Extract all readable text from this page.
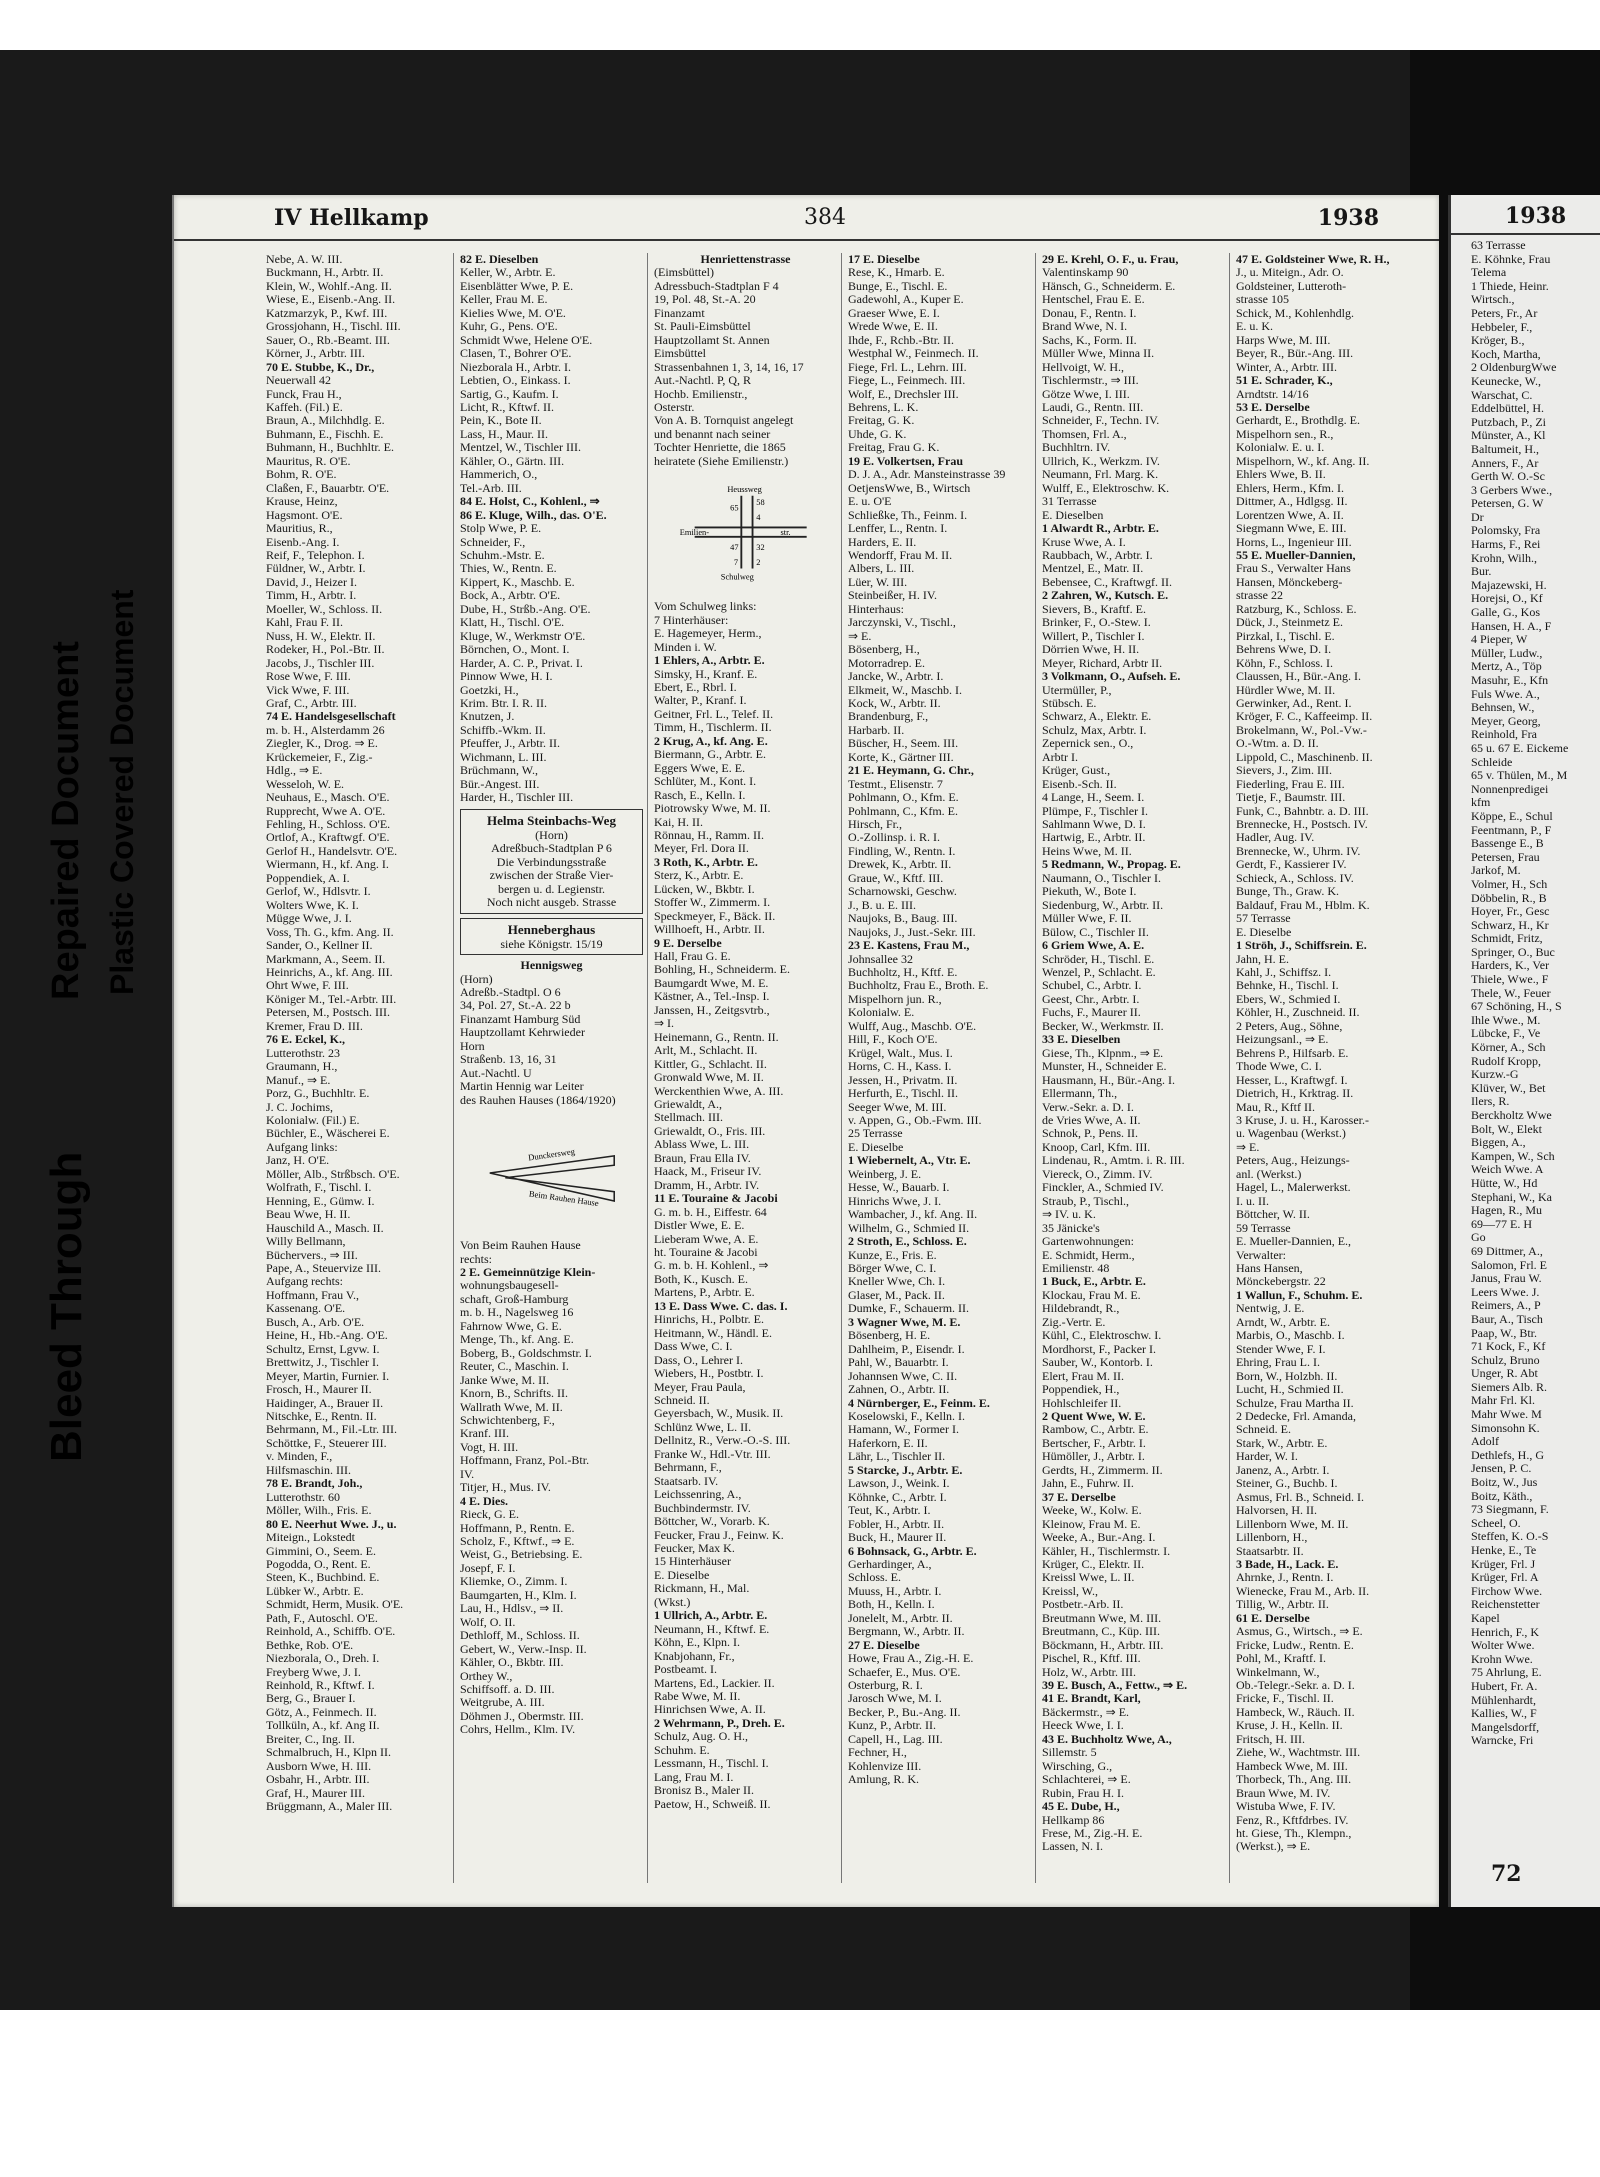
IV Hellkamp	384	1938
Nebe, A. W. III.
Buckmann, H., Arbtr. II.
Klein, W., Wohlf.-Ang. II.
Wiese, E., Eisenb.-Ang. II.
Katzmarzyk, P., Kwf. III.
Grossjohann, H., Tischl. III.
Sauer, O., Rb.-Beamt. III.
Körner, J., Arbtr. III.
70 E. Stubbe, K., Dr.,
Neuerwall 42
Funck, Frau H.,
Kaffeh. (Fil.) E.
Braun, A., Milchhdlg. E.
Buhmann, E., Fischh. E.
Buhmann, H., Buchhltr. E.
Mauritus, R. O'E.
Bohm, R. O'E.
Claßen, F., Bauarbtr. O'E.
Krause, Heinz,
Hagsmont. O'E.
Mauritius, R.,
Eisenb.-Ang. I.
Reif, F., Telephon. I.
Füldner, W., Arbtr. I.
David, J., Heizer I.
Timm, H., Arbtr. I.
Moeller, W., Schloss. II.
Kahl, Frau F. II.
Nuss, H. W., Elektr. II.
Rodeker, H., Pol.-Btr. II.
Jacobs, J., Tischler III.
Rose Wwe, F. III.
Vick Wwe, F. III.
Graf, C., Arbtr. III.
74 E. Handelsgesellschaft
m. b. H., Alsterdamm 26
Ziegler, K., Drog. ⇒ E.
Krückemeier, F., Zig.-
Hdlg., ⇒ E.
Wesseloh, W. E.
Neuhaus, E., Masch. O'E.
Rupprecht, Wwe A. O'E.
Fehling, H., Schloss. O'E.
Ortlof, A., Kraftwgf. O'E.
Gerlof H., Handelsvtr. O'E.
Wiermann, H., kf. Ang. I.
Poppendiek, A. I.
Gerlof, W., Hdlsvtr. I.
Wolters Wwe, K. I.
Mügge Wwe, J. I.
Voss, Th. G., kfm. Ang. II.
Sander, O., Kellner II.
Markmann, A., Seem. II.
Heinrichs, A., kf. Ang. III.
Ohrt Wwe, F. III.
Königer M., Tel.-Arbtr. III.
Petersen, M., Postsch. III.
Kremer, Frau D. III.
76 E. Eckel, K.,
Lutterothstr. 23
Graumann, H.,
Manuf., ⇒ E.
Porz, G., Buchhltr. E.
J. C. Jochims,
Kolonialw. (Fil.) E.
Büchler, E., Wäscherei E.
Aufgang links:
Janz, H. O'E.
Möller, Alb., Strßbsch. O'E.
Wolfrath, F., Tischl. I.
Henning, E., Gümw. I.
Beau Wwe, H. II.
Hauschild A., Masch. II.
Willy Bellmann,
Büchervers., ⇒ III.
Pape, A., Steuervize III.
Aufgang rechts:
Hoffmann, Frau V.,
Kassenang. O'E.
Busch, A., Arb. O'E.
Heine, H., Hb.-Ang. O'E.
Schultz, Ernst, Lgvw. I.
Brettwitz, J., Tischler I.
Meyer, Martin, Furnier. I.
Frosch, H., Maurer II.
Haidinger, A., Brauer II.
Nitschke, E., Rentn. II.
Behrmann, M., Fil.-Ltr. III.
Schöttke, F., Steuerer III.
v. Minden, F.,
Hilfsmaschin. III.
78 E. Brandt, Joh.,
Lutterothstr. 60
Möller, Wilh., Fris. E.
80 E. Neerhut Wwe. J., u.
Miteign., Lokstedt
Gimmini, O., Seem. E.
Pogodda, O., Rent. E.
Steen, K., Buchbind. E.
Lübker W., Arbtr. E.
Schmidt, Herm, Musik. O'E.
Path, F., Autoschl. O'E.
Reinhold, A., Schiffb. O'E.
Bethke, Rob. O'E.
Niezborala, O., Dreh. I.
Freyberg Wwe, J. I.
Reinhold, R., Kftwf. I.
Berg, G., Brauer I.
Götz, A., Feinmech. II.
Tollküln, A., kf. Ang II.
Breiter, C., Ing. II.
Schmalbruch, H., Klpn II.
Ausborn Wwe, H. III.
Osbahr, H., Arbtr. III.
Graf, H., Maurer III.
Brüggmann, A., Maler III.
82 E. Dieselben
Keller, W., Arbtr. E.
Eisenblätter Wwe, P. E.
Keller, Frau M. E.
Kielies Wwe, M. O'E.
Kuhr, G., Pens. O'E.
Schmidt Wwe, Helene O'E.
Clasen, T., Bohrer O'E.
Niezborala H., Arbtr. I.
Lebtien, O., Einkass. I.
Sartig, G., Kaufm. I.
Licht, R., Kftwf. II.
Pein, K., Bote II.
Lass, H., Maur. II.
Mentzel, W., Tischler III.
Kähler, O., Gärtn. III.
Hammerich, O.,
Tel.-Arb. III.
84 E. Holst, C., Kohlenl., ⇒
86 E. Kluge, Wilh., das. O'E.
Stolp Wwe, P. E.
Schneider, F.,
Schuhm.-Mstr. E.
Thies, W., Rentn. E.
Kippert, K., Maschb. E.
Bock, A., Arbtr. O'E.
Dube, H., Strßb.-Ang. O'E.
Klatt, H., Tischl. O'E.
Kluge, W., Werkmstr O'E.
Börnchen, O., Mont. I.
Harder, A. C. P., Privat. I.
Pinnow Wwe, H. I.
Goetzki, H.,
Krim. Btr. I. R. II.
Knutzen, J.
Schiffb.-Wkm. II.
Pfeuffer, J., Arbtr. II.
Wichmann, L. III.
Brüchmann, W.,
Bür.-Angest. III.
Harder, H., Tischler III.
Helma Steinbachs-Weg
(Horn)
Adreßbuch-Stadtplan P 6
Die Verbindungsstraße
zwischen der Straße Vier-
bergen u. d. Legienstr.
Noch nicht ausgeb. Strasse
Henneberghaus
siehe Königstr. 15/19
Hennigsweg
(Horn)
Adreßb.-Stadtpl. O 6
34, Pol. 27, St.-A. 22 b
Finanzamt Hamburg Süd
Hauptzollamt Kehrwieder
Horn
Straßenb. 13, 16, 31
Aut.-Nachtl. U
Martin Hennig war Leiter
des Rauhen Hauses (1864/1920)
Dunckersweg
Beim Rauhen Hause
Von Beim Rauhen Hause
rechts:
2 E. Gemeinnützige Klein-
wohnungsbaugesell-
schaft, Groß-Hamburg
m. b. H., Nagelsweg 16
Fahrnow Wwe, G. E.
Menge, Th., kf. Ang. E.
Boberg, B., Goldschmstr. I.
Reuter, C., Maschin. I.
Janke Wwe, M. II.
Knorn, B., Schrifts. II.
Wallrath Wwe, M. II.
Schwichtenberg, F.,
Kranf. III.
Vogt, H. III.
Hoffmann, Franz, Pol.-Btr.
IV.
Titjer, H., Mus. IV.
4 E. Dies.
Rieck, G. E.
Hoffmann, P., Rentn. E.
Scholz, F., Kftwf., ⇒ E.
Weist, G., Betriebsing. E.
Josepf, F. I.
Kliemke, O., Zimm. I.
Baumgarten, H., Klm. I.
Lau, H., Hdlsv., ⇒ II.
Wolf, O. II.
Dethloff, M., Schloss. II.
Gebert, W., Verw.-Insp. II.
Kähler, O., Bkbtr. III.
Orthey W.,
Schiffsoff. a. D. III.
Weitgrube, A. III.
Döhmen J., Obermstr. III.
Cohrs, Hellm., Klm. IV.
Henriettenstrasse
(Eimsbüttel)
Adressbuch-Stadtplan F 4
19, Pol. 48, St.-A. 20
Finanzamt
St. Pauli-Eimsbüttel
Hauptzollamt St. Annen
Eimsbüttel
Strassenbahnen 1, 3, 14, 16, 17
Aut.-Nachtl. P, Q, R
Hochb. Emilienstr.,
Osterstr.
Von A. B. Tornquist angelegt
und benannt nach seiner
Tochter Henriette, die 1865
heiratete (Siehe Emilienstr.)
Heussweg
Emilien-	str.
65
58
4
47 32
7 2
Schulweg
Vom Schulweg links:
7 Hinterhäuser:
E. Hagemeyer, Herm.,
Minden i. W.
1 Ehlers, A., Arbtr. E.
Simsky, H., Kranf. E.
Ebert, E., Rbrl. I.
Walter, P., Kranf. I.
Geitner, Frl. L., Telef. II.
Timm, H., Tischlerm. II.
2 Krug, A., kf. Ang. E.
Biermann, G., Arbtr. E.
Eggers Wwe, E. E.
Schlüter, M., Kont. I.
Rasch, E., Kelln. I.
Piotrowsky Wwe, M. II.
Kai, H. II.
Rönnau, H., Ramm. II.
Meyer, Frl. Dora II.
3 Roth, K., Arbtr. E.
Sterz, K., Arbtr. E.
Lücken, W., Bkbtr. I.
Stoffer W., Zimmerm. I.
Speckmeyer, F., Bäck. II.
Willhoeft, H., Arbtr. II.
9 E. Derselbe
Hall, Frau G. E.
Bohling, H., Schneiderm. E.
Baumgardt Wwe, M. E.
Kästner, A., Tel.-Insp. I.
Janssen, H., Zeitgsvtrb.,
⇒ I.
Heinemann, G., Rentn. II.
Arlt, M., Schlacht. II.
Kittler, G., Schlacht. II.
Gronwald Wwe, M. II.
Werckenthien Wwe, A. III.
Griewaldt, A.,
Stellmach. III.
Griewaldt, O., Fris. III.
Ablass Wwe, L. III.
Braun, Frau Ella IV.
Haack, M., Friseur IV.
Dramm, H., Arbtr. IV.
11 E. Touraine & Jacobi
G. m. b. H., Eiffestr. 64
Distler Wwe, E. E.
Lieberam Wwe, A. E.
ht. Touraine & Jacobi
G. m. b. H. Kohlenl., ⇒
Both, K., Kusch. E.
Martens, P., Arbtr. E.
13 E. Dass Wwe. C. das. I.
Hinrichs, H., Polbtr. E.
Heitmann, W., Händl. E.
Dass Wwe, C. I.
Dass, O., Lehrer I.
Wiebers, H., Postbtr. I.
Meyer, Frau Paula,
Schneid. II.
Geyersbach, W., Musik. II.
Schlünz Wwe, L. II.
Dellnitz, R., Verw.-O.-S. III.
Franke W., Hdl.-Vtr. III.
Behrmann, F.,
Staatsarb. IV.
Leichssenring, A.,
Buchbindermstr. IV.
Böttcher, W., Vorarb. K.
Feucker, Frau J., Feinw. K.
Feucker, Max K.
15 Hinterhäuser
E. Dieselbe
Rickmann, H., Mal.
(Wkst.)
1 Ullrich, A., Arbtr. E.
Neumann, H., Kftwf. E.
Köhn, E., Klpn. I.
Knabjohann, Fr.,
Postbeamt. I.
Martens, Ed., Lackier. II.
Rabe Wwe, M. II.
Hinrichsen Wwe, A. II.
2 Wehrmann, P., Dreh. E.
Schulz, Aug. O. H.,
Schuhm. E.
Lessmann, H., Tischl. I.
Lang, Frau M. I.
Bronisz B., Maler II.
Paetow, H., Schweiß. II.
17 E. Dieselbe
Rese, K., Hmarb. E.
Bunge, E., Tischl. E.
Gadewohl, A., Kuper E.
Graeser Wwe, E. I.
Wrede Wwe, E. II.
Ihde, F., Rchb.-Btr. II.
Westphal W., Feinmech. II.
Fiege, Frl. L., Lehrn. III.
Fiege, L., Feinmech. III.
Wolf, E., Drechsler III.
Behrens, L. K.
Freitag, G. K.
Uhde, G. K.
Freitag, Frau G. K.
19 E. Volkertsen, Frau
D. J. A., Adr. Mansteinstrasse 39
OetjensWwe, B., Wirtsch
E. u. O'E
Schließke, Th., Feinm. I.
Lenffer, L., Rentn. I.
Harders, E. II.
Wendorff, Frau M. II.
Albers, L. III.
Lüer, W. III.
Steinbeißer, H. IV.
Hinterhaus:
Jarczynski, V., Tischl.,
⇒ E.
Bösenberg, H.,
Motorradrep. E.
Jancke, W., Arbtr. I.
Elkmeit, W., Maschb. I.
Kock, W., Arbtr. II.
Brandenburg, F.,
Harbarb. II.
Büscher, H., Seem. III.
Korte, K., Gärtner III.
21 E. Heymann, G. Chr.,
Testmt., Elisenstr. 7
Pohlmann, O., Kfm. E.
Pohlmann, C., Kfm. E.
Hirsch, Fr.,
O.-Zollinsp. i. R. I.
Findling, W., Rentn. I.
Drewek, K., Arbtr. II.
Graue, W., Kftf. III.
Scharnowski, Geschw.
J., B. u. E. III.
Naujoks, B., Baug. III.
Naujoks, J., Just.-Sekr. III.
23 E. Kastens, Frau M.,
Johnsallee 32
Buchholtz, H., Kftf. E.
Buchholtz, Frau E., Broth. E.
Mispelhorn jun. R.,
Kolonialw. E.
Wulff, Aug., Maschb. O'E.
Hill, F., Koch O'E.
Krügel, Walt., Mus. I.
Horns, C. H., Kass. I.
Jessen, H., Privatm. II.
Herfurth, E., Tischl. II.
Seeger Wwe, M. III.
v. Appen, G., Ob.-Fwm. III.
25 Terrasse
E. Dieselbe
1 Wiebernelt, A., Vtr. E.
Weinberg, J. E.
Hesse, W., Bauarb. I.
Hinrichs Wwe, J. I.
Wambacher, J., kf. Ang. II.
Wilhelm, G., Schmied II.
2 Stroth, E., Schloss. E.
Kunze, E., Fris. E.
Börger Wwe, C. I.
Kneller Wwe, Ch. I.
Glaser, M., Pack. II.
Dumke, F., Schauerm. II.
3 Wagner Wwe, M. E.
Bösenberg, H. E.
Dahlheim, P., Eisendr. I.
Pahl, W., Bauarbtr. I.
Johannsen Wwe, C. II.
Zahnen, O., Arbtr. II.
4 Nürnberger, E., Feinm. E.
Koselowski, F., Kelln. I.
Hamann, W., Former I.
Haferkorn, E. II.
Lähr, L., Tischler II.
5 Starcke, J., Arbtr. E.
Lawson, J., Weink. I.
Köhnke, C., Arbtr. I.
Teut, K., Arbtr. I.
Fobler, H., Arbtr. II.
Buck, H., Maurer II.
6 Bohnsack, G., Arbtr. E.
Gerhardinger, A.,
Schloss. E.
Muuss, H., Arbtr. I.
Both, H., Kelln. I.
Jonelelt, M., Arbtr. II.
Bergmann, W., Arbtr. II.
27 E. Dieselbe
Howe, Frau A., Zig.-H. E.
Schaefer, E., Mus. O'E.
Osterburg, R. I.
Jarosch Wwe, M. I.
Becker, P., Bu.-Ang. II.
Kunz, P., Arbtr. II.
Capell, H., Lag. III.
Fechner, H.,
Kohlenvize III.
Amlung, R. K.
29 E. Krehl, O. F., u. Frau,
Valentinskamp 90
Hänsch, G., Schneiderm. E.
Hentschel, Frau E. E.
Donau, F., Rentn. I.
Brand Wwe, N. I.
Sachs, K., Form. II.
Müller Wwe, Minna II.
Hellvoigt, W. H.,
Tischlermstr., ⇒ III.
Götze Wwe, I. III.
Laudi, G., Rentn. III.
Schneider, F., Techn. IV.
Thomsen, Frl. A.,
Buchhltrn. IV.
Ullrich, K., Werkzm. IV.
Neumann, Frl. Marg. K.
Wulff, E., Elektroschw. K.
31 Terrasse
E. Dieselben
1 Alwardt R., Arbtr. E.
Kruse Wwe, A. I.
Raubbach, W., Arbtr. I.
Mentzel, E., Matr. II.
Bebensee, C., Kraftwgf. II.
2 Zahren, W., Kutsch. E.
Sievers, B., Kraftf. E.
Brinker, F., O.-Stew. I.
Willert, P., Tischler I.
Dörrien Wwe, H. II.
Meyer, Richard, Arbtr II.
3 Volkmann, O., Aufseh. E.
Utermüller, P.,
Stübsch. E.
Schwarz, A., Elektr. E.
Schulz, Max, Arbtr. I.
Zepernick sen., O.,
Arbtr I.
Krüger, Gust.,
Eisenb.-Sch. II.
4 Lange, H., Seem. I.
Plümpe, F., Tischler I.
Sahlmann Wwe, D. I.
Hartwig, E., Arbtr. II.
Heins Wwe, M. II.
5 Redmann, W., Propag. E.
Naumann, O., Tischler I.
Piekuth, W., Bote I.
Siedenburg, W., Arbtr. II.
Müller Wwe, F. II.
Bülow, C., Tischler II.
6 Griem Wwe, A. E.
Schröder, H., Tischl. E.
Wenzel, P., Schlacht. E.
Schubel, C., Arbtr. I.
Geest, Chr., Arbtr. I.
Fuchs, F., Maurer II.
Becker, W., Werkmstr. II.
33 E. Dieselben
Giese, Th., Klpnm., ⇒ E.
Munster, H., Schneider E.
Hausmann, H., Bür.-Ang. I.
Ellermann, Th.,
Verw.-Sekr. a. D. I.
de Vries Wwe, A. II.
Schnok, P., Pens. II.
Knoop, Carl, Kfm. III.
Lindenau, R., Amtm. i. R. III.
Viereck, O., Zimm. IV.
Finckler, A., Schmied IV.
Straub, P., Tischl.,
⇒ IV. u. K.
35 Jänicke's
Gartenwohnungen:
E. Schmidt, Herm.,
Emilienstr. 48
1 Buck, E., Arbtr. E.
Klockau, Frau M. E.
Hildebrandt, R.,
Zig.-Vertr. E.
Kühl, C., Elektroschw. I.
Mordhorst, F., Packer I.
Sauber, W., Kontorb. I.
Elert, Frau M. II.
Poppendiek, H.,
Hohlschleifer II.
2 Quent Wwe, W. E.
Rambow, C., Arbtr. E.
Bertscher, F., Arbtr. I.
Hümöller, J., Arbtr. I.
Gerdts, H., Zimmerm. II.
Jahn, E., Fuhrw. II.
37 E. Derselbe
Weeke, W., Kolw. E.
Kleinow, Frau M. E.
Weeke, A., Bur.-Ang. I.
Kähler, H., Tischlermstr. I.
Krüger, C., Elektr. II.
Kreissl Wwe, L. II.
Kreissl, W.,
Postbetr.-Arb. II.
Breutmann Wwe, M. III.
Breutmann, C., Küp. III.
Böckmann, H., Arbtr. III.
Pischel, R., Kftf. III.
Holz, W., Arbtr. III.
39 E. Busch, A., Fettw., ⇒ E.
41 E. Brandt, Karl,
Bäckermstr., ⇒ E.
Heeck Wwe, I. I.
43 E. Buchholtz Wwe, A.,
Sillemstr. 5
Wirsching, G.,
Schlachterei, ⇒ E.
Rubin, Frau H. I.
45 E. Dube, H.,
Hellkamp 86
Frese, M., Zig.-H. E.
Lassen, N. I.
47 E. Goldsteiner Wwe, R. H.,
J., u. Miteign., Adr. O.
Goldsteiner, Lutteroth-
strasse 105
Schick, M., Kohlenhdlg.
E. u. K.
Harps Wwe, M. III.
Beyer, R., Bür.-Ang. III.
Winter, A., Arbtr. III.
51 E. Schrader, K.,
Arndtstr. 14/16
53 E. Derselbe
Gerhardt, E., Brothdlg. E.
Mispelhorn sen., R.,
Kolonialw. E. u. I.
Mispelhorn, W., kf. Ang. II.
Ehlers Wwe, B. II.
Ehlers, Herm., Kfm. I.
Dittmer, A., Hdlgsg. II.
Lorentzen Wwe, A. II.
Siegmann Wwe, E. III.
Horns, L., Ingenieur III.
55 E. Mueller-Dannien,
Frau S., Verwalter Hans
Hansen, Mönckeberg-
strasse 22
Ratzburg, K., Schloss. E.
Dück, J., Steinmetz E.
Pirzkal, I., Tischl. E.
Behrens Wwe, D. I.
Köhn, F., Schloss. I.
Claussen, H., Bür.-Ang. I.
Hürdler Wwe, M. II.
Gerwinker, Ad., Rent. I.
Kröger, F. C., Kaffeeimp. II.
Brokelmann, W., Pol.-Vw.-
O.-Wtm. a. D. II.
Lippold, C., Maschinenb. II.
Sievers, J., Zim. III.
Fiederling, Frau E. III.
Tietje, F., Baumstr. III.
Funk, C., Bahnbtr. a. D. III.
Brennecke, H., Postsch. IV.
Hadler, Aug. IV.
Brennecke, W., Uhrm. IV.
Gerdt, F., Kassierer IV.
Schieck, A., Schloss. IV.
Bunge, Th., Graw. K.
Baldauf, Frau M., Hblm. K.
57 Terrasse
E. Dieselbe
1 Ströh, J., Schiffsrein. E.
Jahn, H. E.
Kahl, J., Schiffsz. I.
Behnke, H., Tischl. I.
Ebers, W., Schmied I.
Köhler, H., Zuschneid. II.
2 Peters, Aug., Söhne,
Heizungsanl., ⇒ E.
Behrens P., Hilfsarb. E.
Thode Wwe, C. I.
Hesser, L., Kraftwgf. I.
Dietrich, H., Krktrag. II.
Mau, R., Kftf II.
3 Kruse, J. u. H., Karosser.-
u. Wagenbau (Werkst.)
⇒ E.
Peters, Aug., Heizungs-
anl. (Werkst.)
Hagel, L., Malerwerkst.
I. u. II.
Böttcher, W. II.
59 Terrasse
E. Mueller-Dannien, E.,
Verwalter:
Hans Hansen,
Mönckebergstr. 22
1 Wallun, F., Schuhm. E.
Nentwig, J. E.
Arndt, W., Arbtr. E.
Marbis, O., Maschb. I.
Stender Wwe, F. I.
Ehring, Frau L. I.
Born, W., Holzbh. II.
Lucht, H., Schmied II.
Schulze, Frau Martha II.
2 Dedecke, Frl. Amanda,
Schneid. E.
Stark, W., Arbtr. E.
Harder, W. I.
Janenz, A., Arbtr. I.
Steiner, G., Buchb. I.
Asmus, Frl. B., Schneid. I.
Halvorsen, H. II.
Lillenborn Wwe, M. II.
Lillenborn, H.,
Staatsarbtr. II.
3 Bade, H., Lack. E.
Ahrnke, J., Rentn. I.
Wienecke, Frau M., Arb. II.
Tillig, W., Arbtr. II.
61 E. Derselbe
Asmus, G., Wirtsch., ⇒ E.
Fricke, Ludw., Rentn. E.
Pohl, M., Kraftf. I.
Winkelmann, W.,
Ob.-Telegr.-Sekr. a. D. I.
Fricke, F., Tischl. II.
Hambeck, W., Räuch. II.
Kruse, J. H., Kelln. II.
Fritsch, H. III.
Ziehe, W., Wachtmstr. III.
Hambeck Wwe, M. III.
Thorbeck, Th., Ang. III.
Braun Wwe, M. IV.
Wistuba Wwe, F. IV.
Fenz, R., Kftfdrbes. IV.
ht. Giese, Th., Klempn.,
(Werkst.), ⇒ E.
1938
63 Terrasse
E. Köhnke, Frau
Telema
1 Thiede, Heinr.
Wirtsch.,
Peters, Fr., Ar
Hebbeler, F.,
Kröger, B.,
Koch, Martha,
2 OldenburgWwe
Keunecke, W.,
Warschat, C.
Eddelbüttel, H.
Putzbach, P., Zi
Münster, A., Kl
Baltumeit, H.,
Anners, F., Ar
Gerth W. O.-Sc
3 Gerbers Wwe.,
Petersen, G. W
Dr
Polomsky, Fra
Harms, F., Rei
Krohn, Wilh.,
Bur.
Majazewski, H.
Horejsi, O., Kf
Galle, G., Kos
Hansen, H. A., F
4 Pieper, W
Müller, Ludw.,
Mertz, A., Töp
Masuhr, E., Kfn
Fuls Wwe. A.,
Behnsen, W.,
Meyer, Georg,
Reinhold, Fra
65 u. 67 E. Eickeme
Schleide
65 v. Thülen, M., M
Nonnenpredigei
kfm
Köppe, E., Schul
Feentmann, P., F
Bassenge E., B
Petersen, Frau
Jarkof, M.
Volmer, H., Sch
Döbbelin, R., B
Hoyer, Fr., Gesc
Schwarz, H., Kr
Schmidt, Fritz,
Springer, O., Buc
Harders, K., Ver
Thiele, Wwe., F
Thele, W., Feuer
67 Schöning, H., S
Ihle Wwe., M.
Lübcke, F., Ve
Körner, A., Sch
Rudolf Kropp,
Kurzw.-G
Klüver, W., Bet
Ilers, R.
Berckholtz Wwe
Bolt, W., Elekt
Biggen, A.,
Kampen, W., Sch
Weich Wwe. A
Hütte, W., Hd
Stephani, W., Ka
Hagen, R., Mu
69—77 E. H
Go
69 Dittmer, A.,
Salomon, Frl. E
Janus, Frau W.
Leers Wwe. J.
Reimers, A., P
Baur, A., Tisch
Paap, W., Btr.
71 Kock, F., Kf
Schulz, Bruno
Unger, R. Abt
Siemers Alb. R.
Mahr Frl. Kl.
Mahr Wwe. M
Simonsohn K.
Adolf
Dethlefs, H., G
Jensen, P. C.
Boitz, W., Jus
Boitz, Käth.,
73 Siegmann, F.
Scheel, O.
Steffen, K. O.-S
Henke, E., Te
Krüger, Frl. J
Krüger, Frl. A
Firchow Wwe.
Reichenstetter
Kapel
Henrich, F., K
Wolter Wwe.
Krohn Wwe.
75 Ahrlung, E.
Hubert, Fr. A.
Mühlenhardt,
Kallies, W., F
Mangelsdorff,
Warncke, Fri
72
Bleed Through
Repaired Document Plastic Covered Document
